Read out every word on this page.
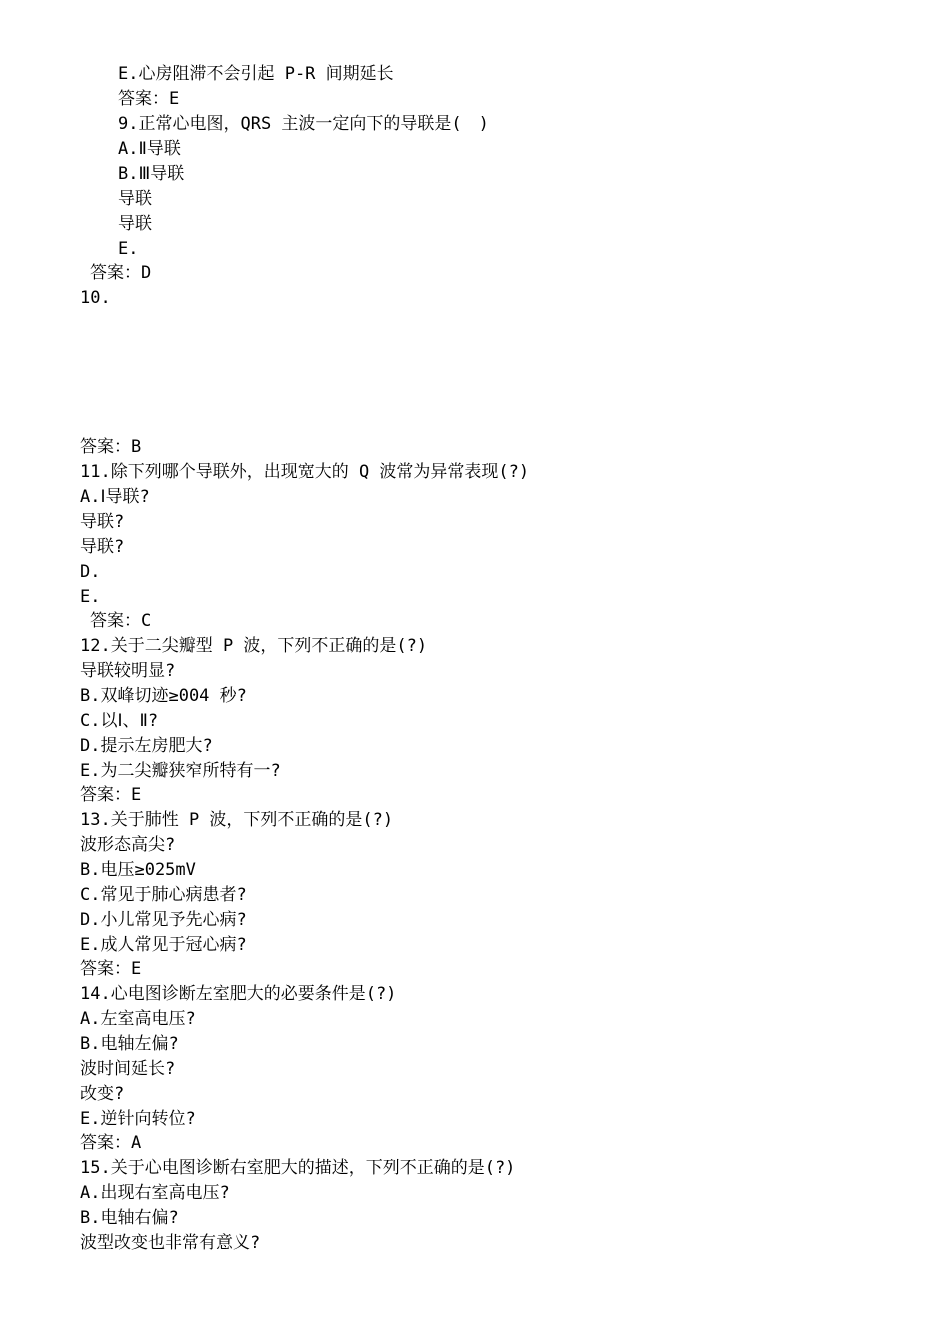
E.心房阻滞不会引起 P-R 间期延长
答案：E
9.正常心电图，QRS 主波一定向下的导联是(　)
A.Ⅱ导联
B.Ⅲ导联
导联
导联
E.
答案：D
10.
答案：B
11.除下列哪个导联外，出现宽大的 Q 波常为异常表现(?)
A.Ⅰ导联?
导联?
导联?
D.
E.
答案：C
12.关于二尖瓣型 P 波，下列不正确的是(?)
导联较明显?
B.双峰切迹≥004 秒?
C.以Ⅰ、Ⅱ?
D.提示左房肥大?
E.为二尖瓣狭窄所特有一?
答案：E
13.关于肺性 P 波，下列不正确的是(?)
波形态高尖?
B.电压≥025mV
C.常见于肺心病患者?
D.小儿常见予先心病?
E.成人常见于冠心病?
答案：E
14.心电图诊断左室肥大的必要条件是(?)
A.左室高电压?
B.电轴左偏?
波时间延长?
改变?
E.逆针向转位?
答案：A
15.关于心电图诊断右室肥大的描述，下列不正确的是(?)
A.出现右室高电压?
B.电轴右偏?
波型改变也非常有意义?
